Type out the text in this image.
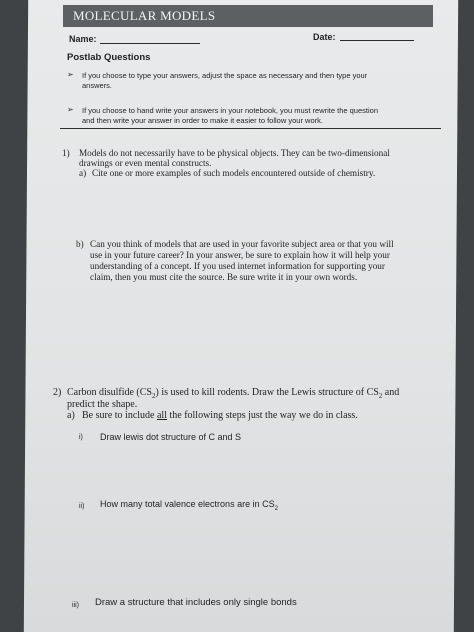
MOLECULAR MODELS
Name:	Date:
Postlab Questions
➢ If you choose to type your answers, adjust the space as necessary and then type your
answers.
➢ If you choose to hand write your answers in your notebook, you must rewrite the question
and then write your answer in order to make it easier to follow your work.
1) Models do not necessarily have to be physical objects. They can be two-dimensional
drawings or even mental constructs.
a) Cite one or more examples of such models encountered outside of chemistry.
b) Can you think of models that are used in your favorite subject area or that you will
use in your future career? In your answer, be sure to explain how it will help your
understanding of a concept. If you used internet information for supporting your
claim, then you must cite the source. Be sure write it in your own words.
2) Carbon disulfide $(CS_2)$ is used to kill rodents. Draw the Lewis structure of $CS_2$ and
predict the shape.
a) Be sure to include all the following steps just the way we do in class.
i) Draw lewis dot structure of C and S
ii) How many total valence electrons are in $CS_2$
iii) Draw a structure that includes only single bonds
